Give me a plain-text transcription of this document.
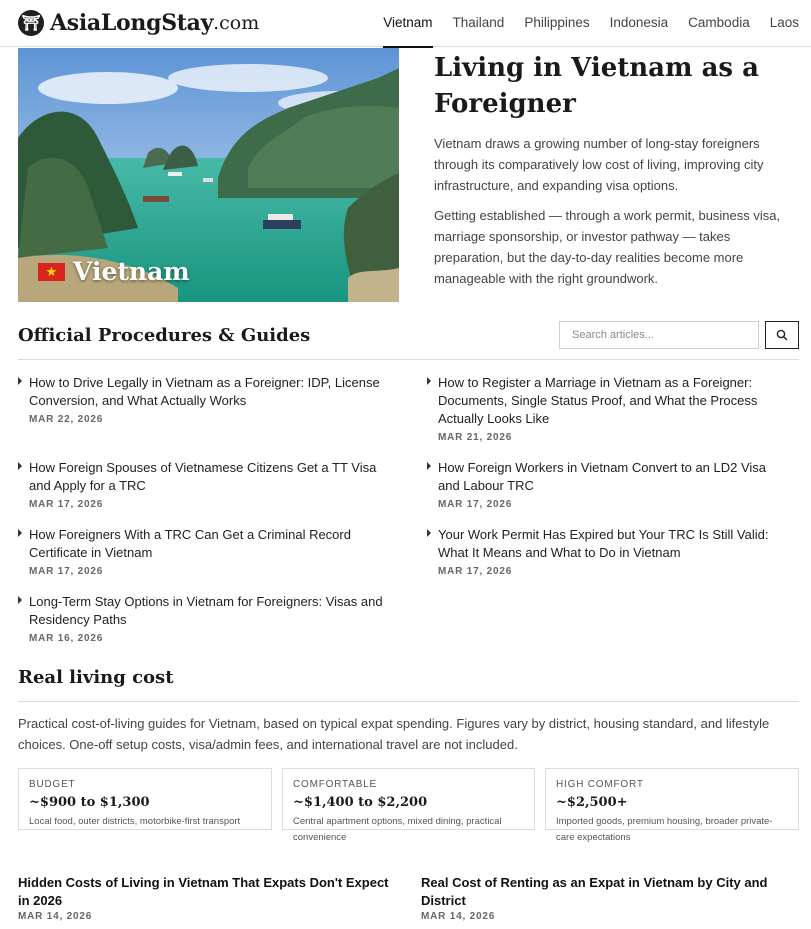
⛩ AsiaLongStay .com	Vietnam Thailand Philippines Indonesia Cambodia Laos
★ Vietnam
Living in Vietnam as a Foreigner

Vietnam draws a growing number of long-stay foreigners through its comparatively low cost of living, improving city infrastructure, and expanding visa options.

Getting established — through a work permit, business visa, marriage sponsorship, or investor pathway — takes preparation, but the day-to-day realities become more manageable with the right groundwork.

Official Procedures & Guides
Search articles...
How to Drive Legally in Vietnam as a Foreigner: IDP, License Conversion, and What Actually Works
MAR 22, 2026
How to Register a Marriage in Vietnam as a Foreigner: Documents, Single Status Proof, and What the Process Actually Looks Like
MAR 21, 2026
How Foreign Spouses of Vietnamese Citizens Get a TT Visa and Apply for a TRC
MAR 17, 2026
How Foreign Workers in Vietnam Convert to an LD2 Visa and Labour TRC
MAR 17, 2026
How Foreigners With a TRC Can Get a Criminal Record Certificate in Vietnam
MAR 17, 2026
Your Work Permit Has Expired but Your TRC Is Still Valid: What It Means and What to Do in Vietnam
MAR 17, 2026
Long-Term Stay Options in Vietnam for Foreigners: Visas and Residency Paths
MAR 16, 2026
Real living cost

Practical cost-of-living guides for Vietnam, based on typical expat spending. Figures vary by district, housing standard, and lifestyle choices. One-off setup costs, visa/admin fees, and international travel are not included.

BUDGET
~$900 to $1,300
Local food, outer districts, motorbike-first transport
COMFORTABLE
~$1,400 to $2,200
Central apartment options, mixed dining, practical convenience
HIGH COMFORT
~$2,500+
Imported goods, premium housing, broader private-care expectations
Hidden Costs of Living in Vietnam That Expats Don't Expect in 2026
MAR 14, 2026
Real Cost of Renting as an Expat in Vietnam by City and District
MAR 14, 2026
